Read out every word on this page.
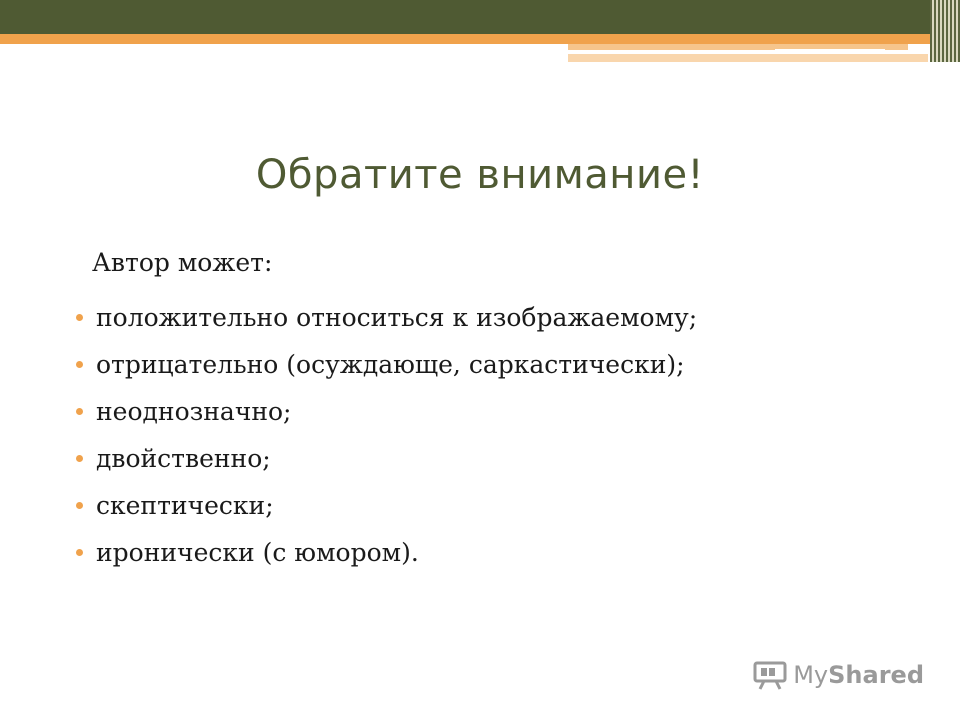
Обратите внимание!
Автор может:
положительно относиться к изображаемому;
отрицательно (осуждающе, саркастически);
неоднозначно;
двойственно;
скептически;
иронически (с юмором).
MyShared
